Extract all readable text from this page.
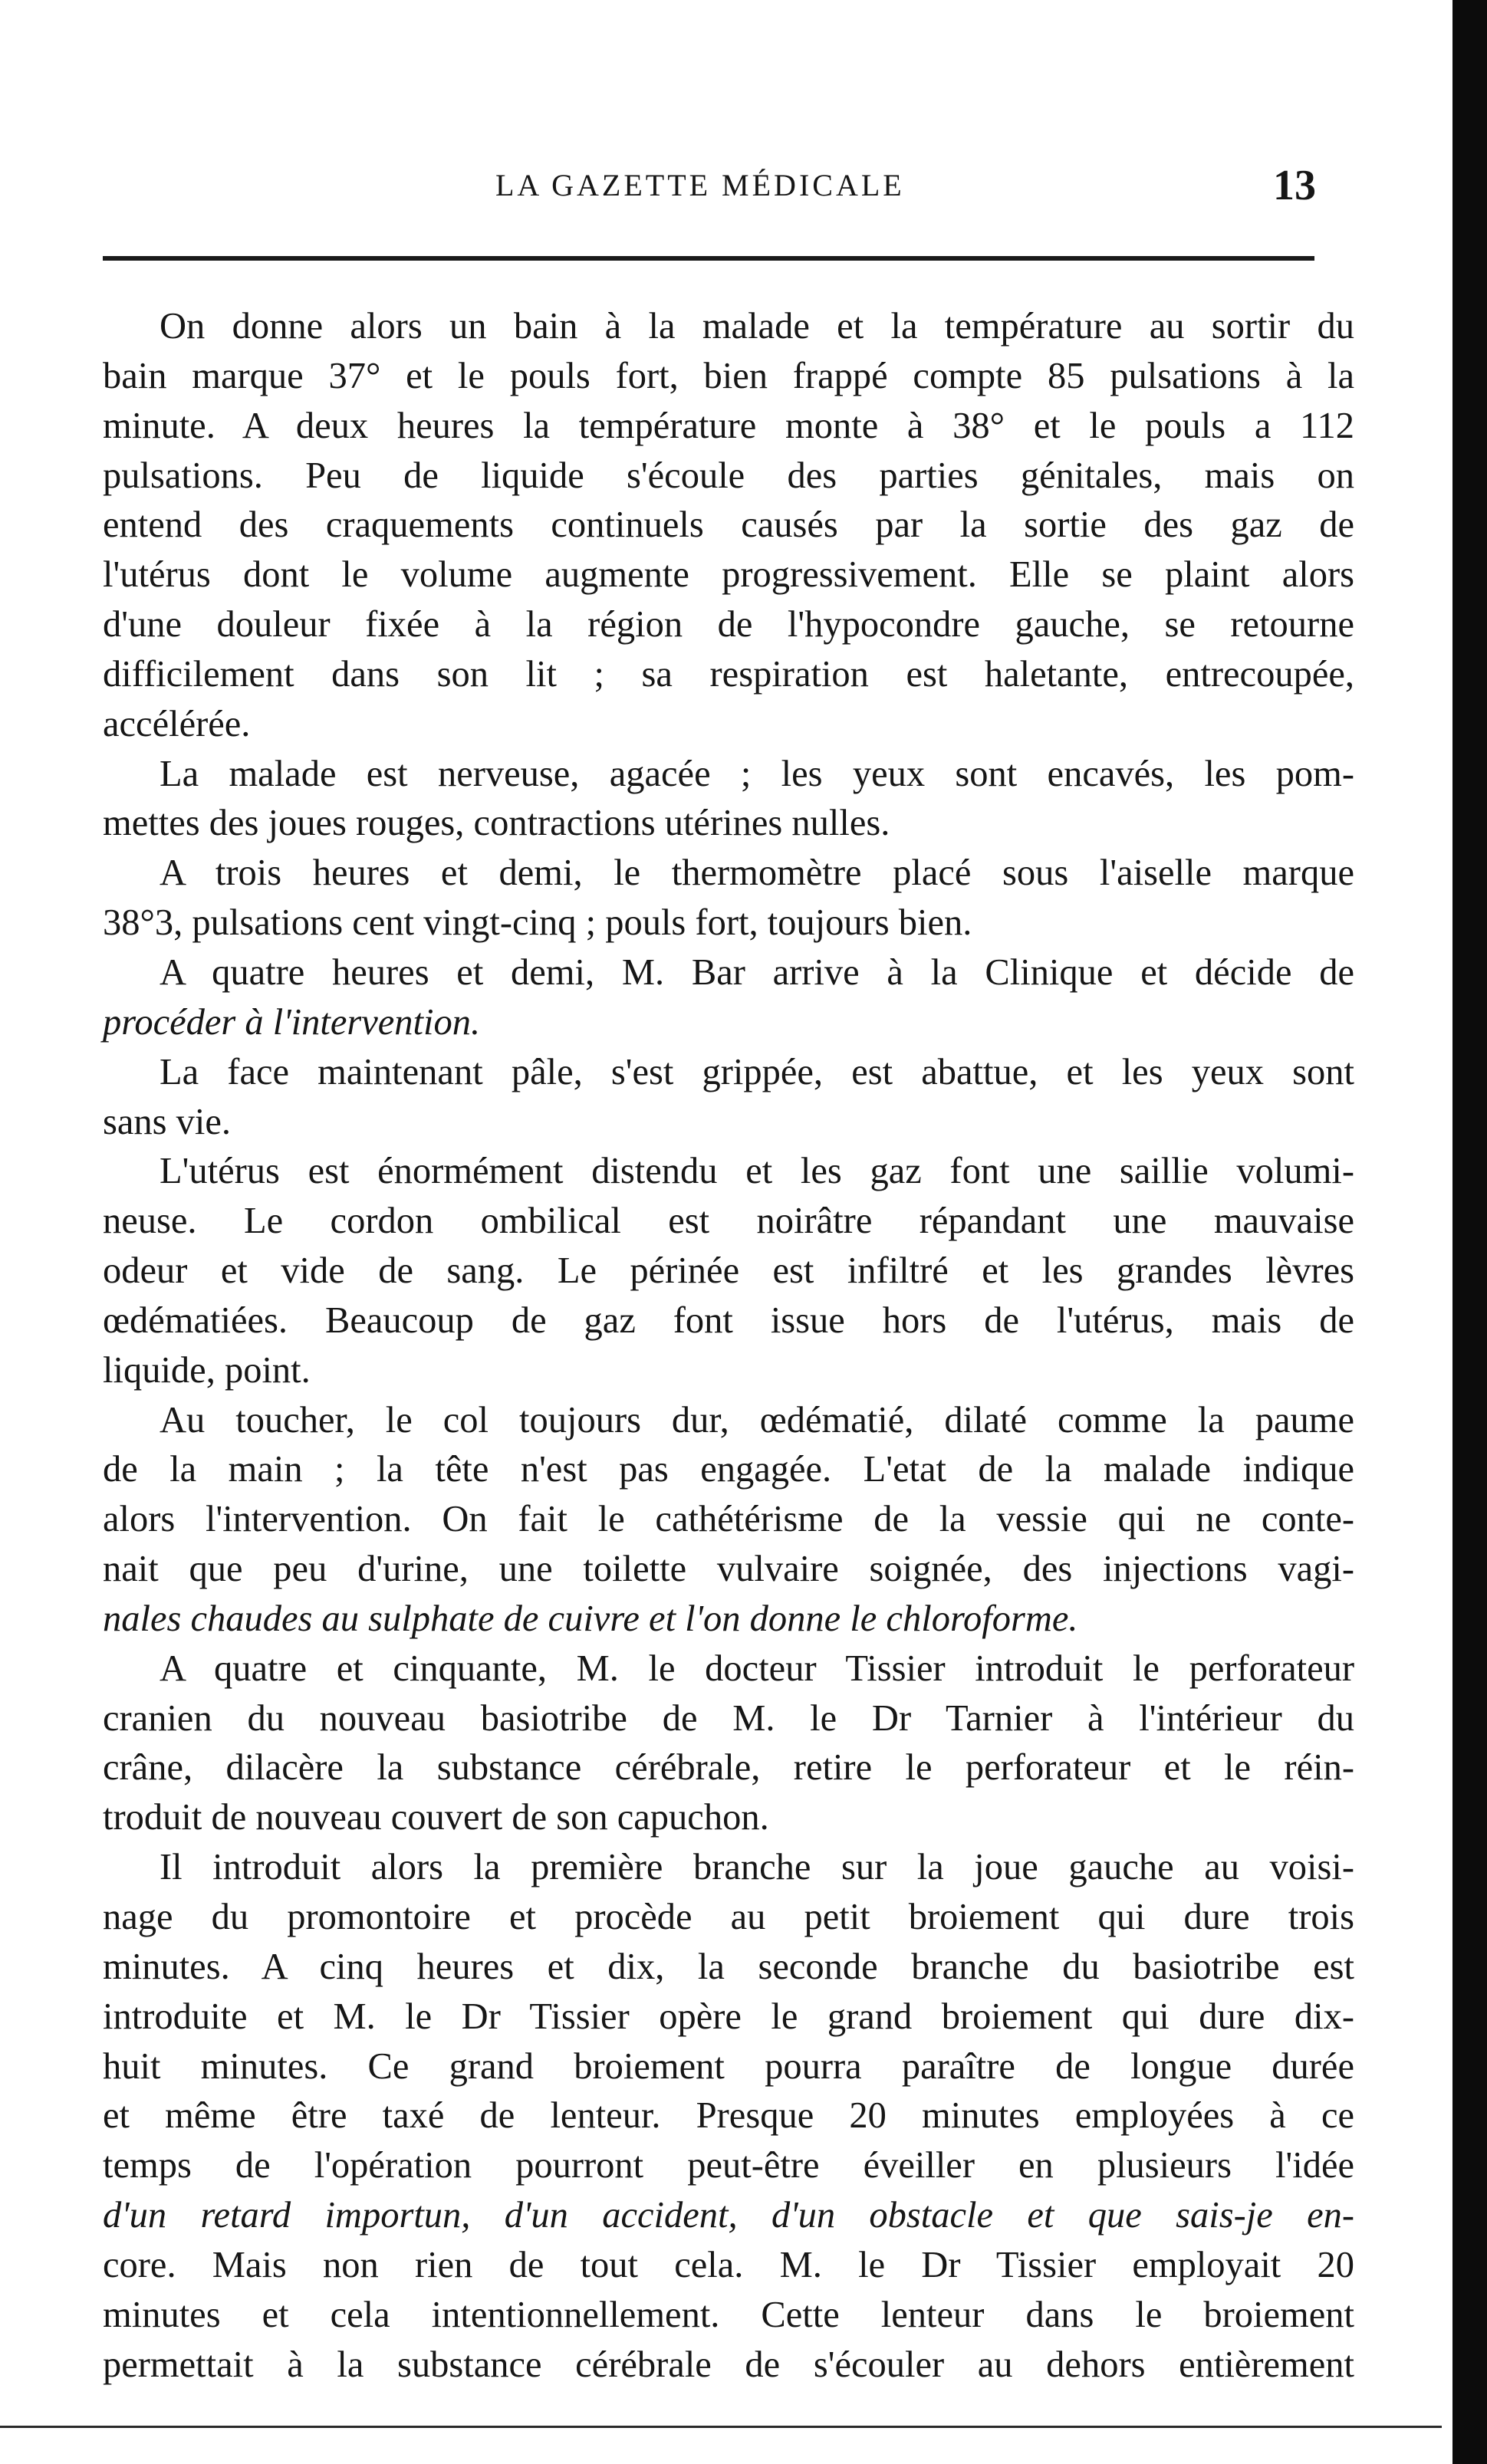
LA GAZETTE MÉDICALE	13

On donne alors un bain à la malade et la température au sortir du
bain marque 37° et le pouls fort, bien frappé compte 85 pulsations à la
minute. A deux heures la température monte à 38° et le pouls a 112
pulsations. Peu de liquide s'écoule des parties génitales, mais on
entend des craquements continuels causés par la sortie des gaz de
l'utérus dont le volume augmente progressivement. Elle se plaint alors
d'une douleur fixée à la région de l'hypocondre gauche, se retourne
difficilement dans son lit ; sa respiration est haletante, entrecoupée,
accélérée.

La malade est nerveuse, agacée ; les yeux sont encavés, les pom-
mettes des joues rouges, contractions utérines nulles.

A trois heures et demi, le thermomètre placé sous l'aiselle marque
38°3, pulsations cent vingt-cinq ; pouls fort, toujours bien.

A quatre heures et demi, M. Bar arrive à la Clinique et décide de
procéder à l'intervention.

La face maintenant pâle, s'est grippée, est abattue, et les yeux sont
sans vie.

L'utérus est énormément distendu et les gaz font une saillie volumi-
neuse. Le cordon ombilical est noirâtre répandant une mauvaise
odeur et vide de sang. Le périnée est infiltré et les grandes lèvres
œdématiées. Beaucoup de gaz font issue hors de l'utérus, mais de
liquide, point.

Au toucher, le col toujours dur, œdématié, dilaté comme la paume
de la main ; la tête n'est pas engagée. L'etat de la malade indique
alors l'intervention. On fait le cathétérisme de la vessie qui ne conte-
nait que peu d'urine, une toilette vulvaire soignée, des injections vagi-
nales chaudes au sulphate de cuivre et l'on donne le chloroforme.

A quatre et cinquante, M. le docteur Tissier introduit le perforateur
cranien du nouveau basiotribe de M. le Dr Tarnier à l'intérieur du
crâne, dilacère la substance cérébrale, retire le perforateur et le réin-
troduit de nouveau couvert de son capuchon.

Il introduit alors la première branche sur la joue gauche au voisi-
nage du promontoire et procède au petit broiement qui dure trois
minutes. A cinq heures et dix, la seconde branche du basiotribe est
introduite et M. le Dr Tissier opère le grand broiement qui dure dix-
huit minutes. Ce grand broiement pourra paraître de longue durée
et même être taxé de lenteur. Presque 20 minutes employées à ce
temps de l'opération pourront peut-être éveiller en plusieurs l'idée
d'un retard importun, d'un accident, d'un obstacle et que sais-je en-
core. Mais non rien de tout cela. M. le Dr Tissier employait 20
minutes et cela intentionnellement. Cette lenteur dans le broiement
permettait à la substance cérébrale de s'écouler au dehors entièrement
